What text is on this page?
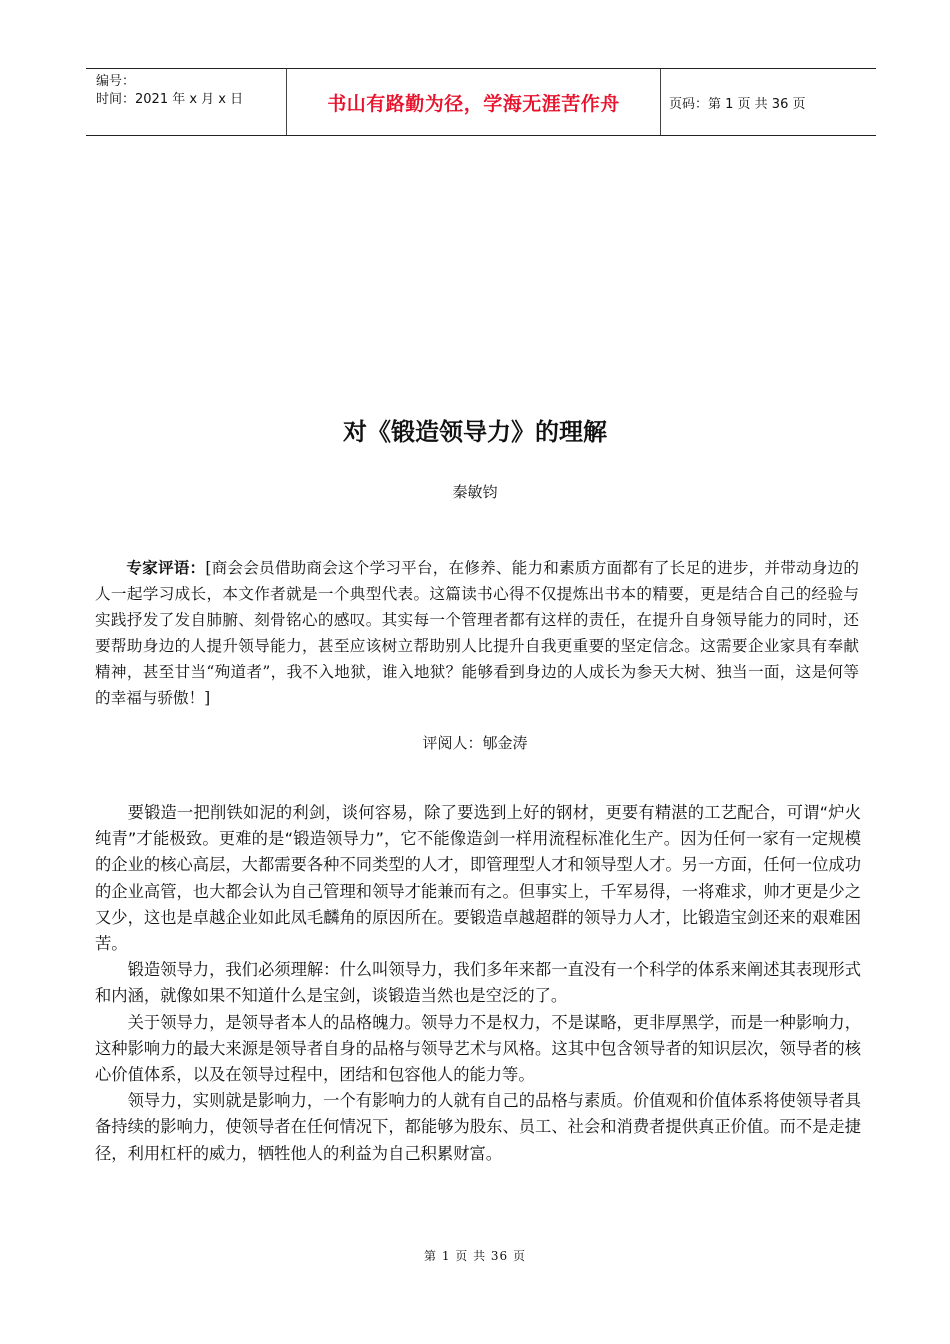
编号：
时间：2021 年 x 月 x 日	书山有路勤为径，学海无涯苦作舟	页码：第 1 页 共 36 页
对《锻造领导力》的理解
秦敏钧
专家评语：[商会会员借助商会这个学习平台，在修养、能力和素质方面都有了长足的进步，并带动身边的人一起学习成长，本文作者就是一个典型代表。这篇读书心得不仅提炼出书本的精要，更是结合自己的经验与实践抒发了发自肺腑、刻骨铭心的感叹。其实每一个管理者都有这样的责任，在提升自身领导能力的同时，还要帮助身边的人提升领导能力，甚至应该树立帮助别人比提升自我更重要的坚定信念。这需要企业家具有奉献精神，甚至甘当“殉道者”，我不入地狱，谁入地狱？能够看到身边的人成长为参天大树、独当一面，这是何等的幸福与骄傲！]
评阅人：郇金涛

要锻造一把削铁如泥的利剑，谈何容易，除了要选到上好的钢材，更要有精湛的工艺配合，可谓“炉火纯青”才能极致。更难的是“锻造领导力”，它不能像造剑一样用流程标准化生产。因为任何一家有一定规模的企业的核心高层，大都需要各种不同类型的人才，即管理型人才和领导型人才。另一方面，任何一位成功的企业高管，也大都会认为自己管理和领导才能兼而有之。但事实上，千军易得，一将难求，帅才更是少之又少，这也是卓越企业如此凤毛麟角的原因所在。要锻造卓越超群的领导力人才，比锻造宝剑还来的艰难困苦。

锻造领导力，我们必须理解：什么叫领导力，我们多年来都一直没有一个科学的体系来阐述其表现形式和内涵，就像如果不知道什么是宝剑，谈锻造当然也是空泛的了。

关于领导力，是领导者本人的品格魄力。领导力不是权力，不是谋略，更非厚黑学，而是一种影响力，这种影响力的最大来源是领导者自身的品格与领导艺术与风格。这其中包含领导者的知识层次，领导者的核心价值体系，以及在领导过程中，团结和包容他人的能力等。

领导力，实则就是影响力，一个有影响力的人就有自己的品格与素质。价值观和价值体系将使领导者具备持续的影响力，使领导者在任何情况下，都能够为股东、员工、社会和消费者提供真正价值。而不是走捷径，利用杠杆的威力，牺牲他人的利益为自己积累财富。

第 1 页 共 36 页
